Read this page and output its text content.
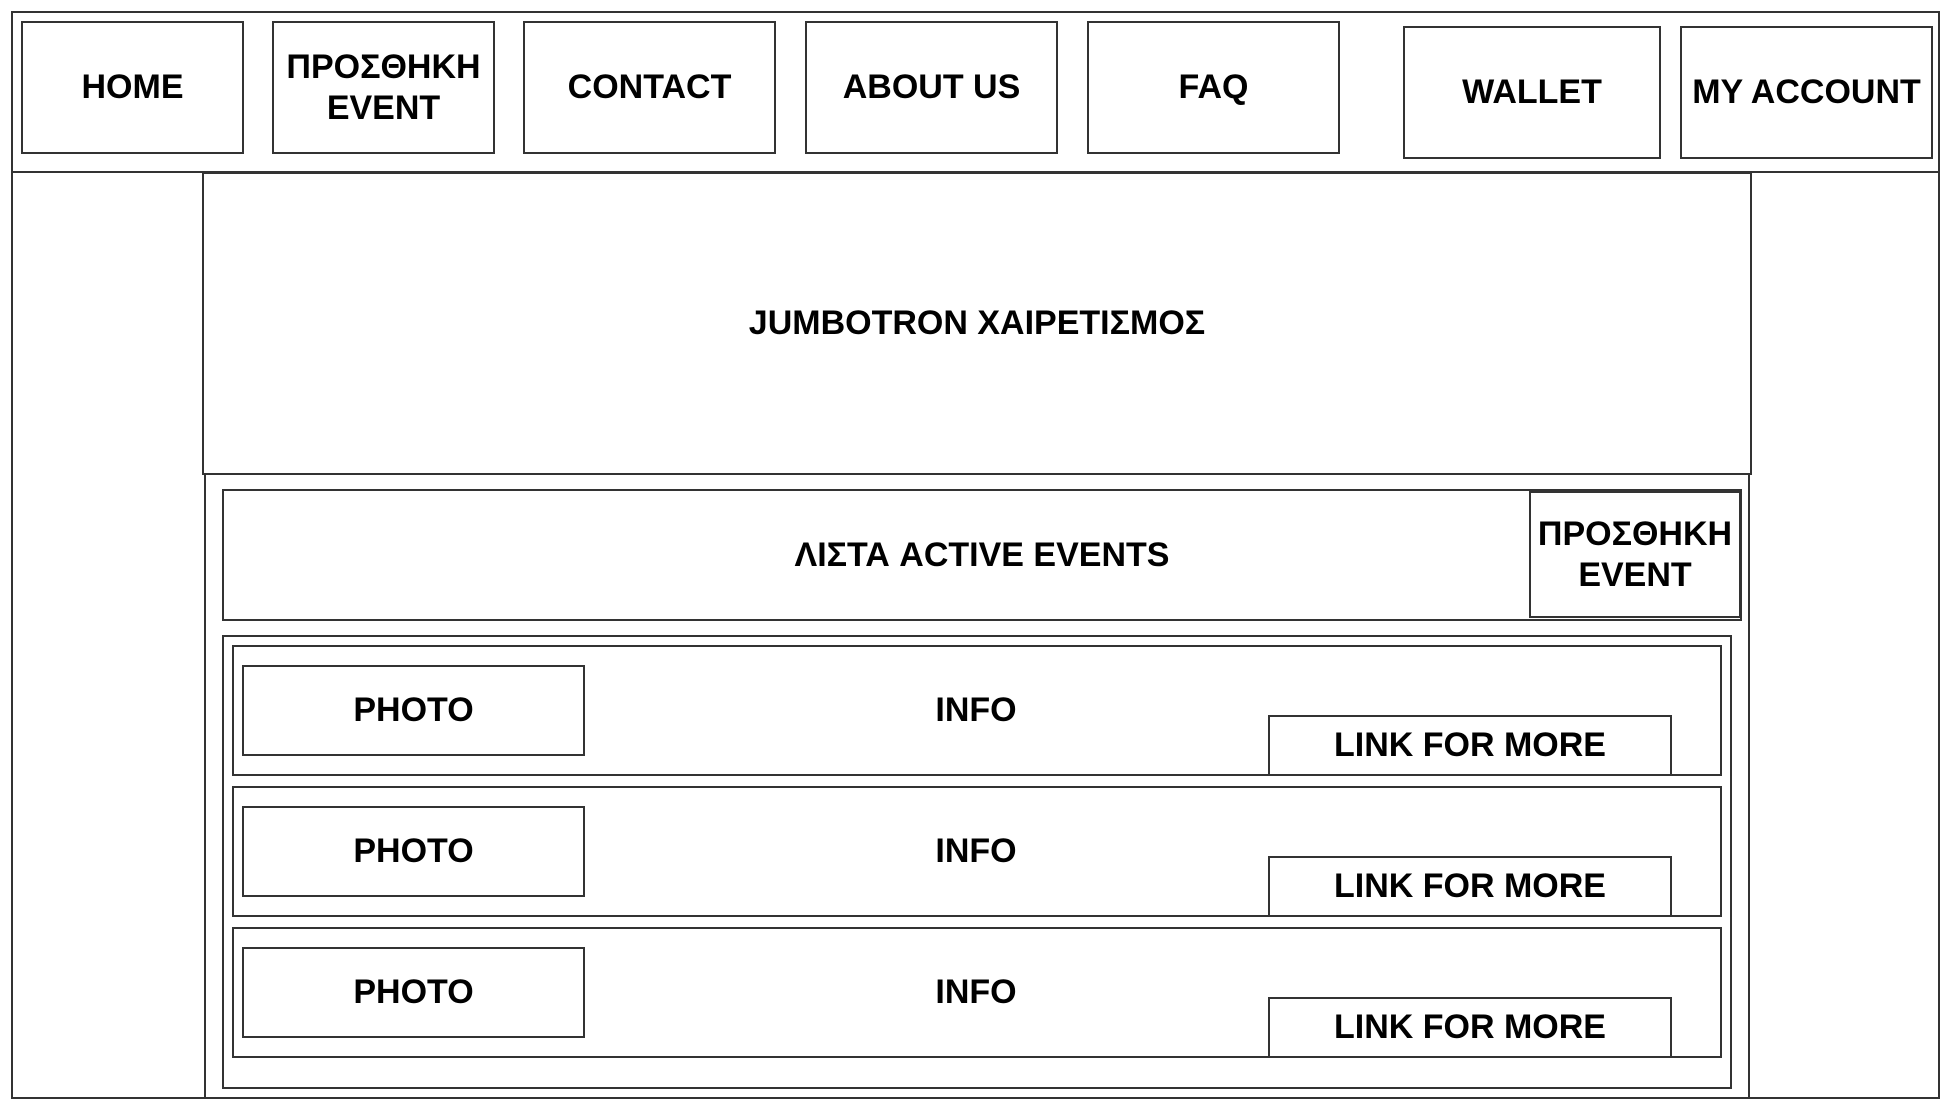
HOME
ΠΡΟΣΘΗΚΗ
EVENT
CONTACT	ABOUT US	FAQ	WALLET	MY ACCOUNT
JUMBOTRON ΧΑΙΡΕΤΙΣΜΟΣ
ΛΙΣΤΑ ACTIVE EVENTS
ΠΡΟΣΘΗΚΗ
EVENT
PHOTO	INFO
LINK FOR MORE
PHOTO	INFO
LINK FOR MORE
PHOTO	INFO
LINK FOR MORE
